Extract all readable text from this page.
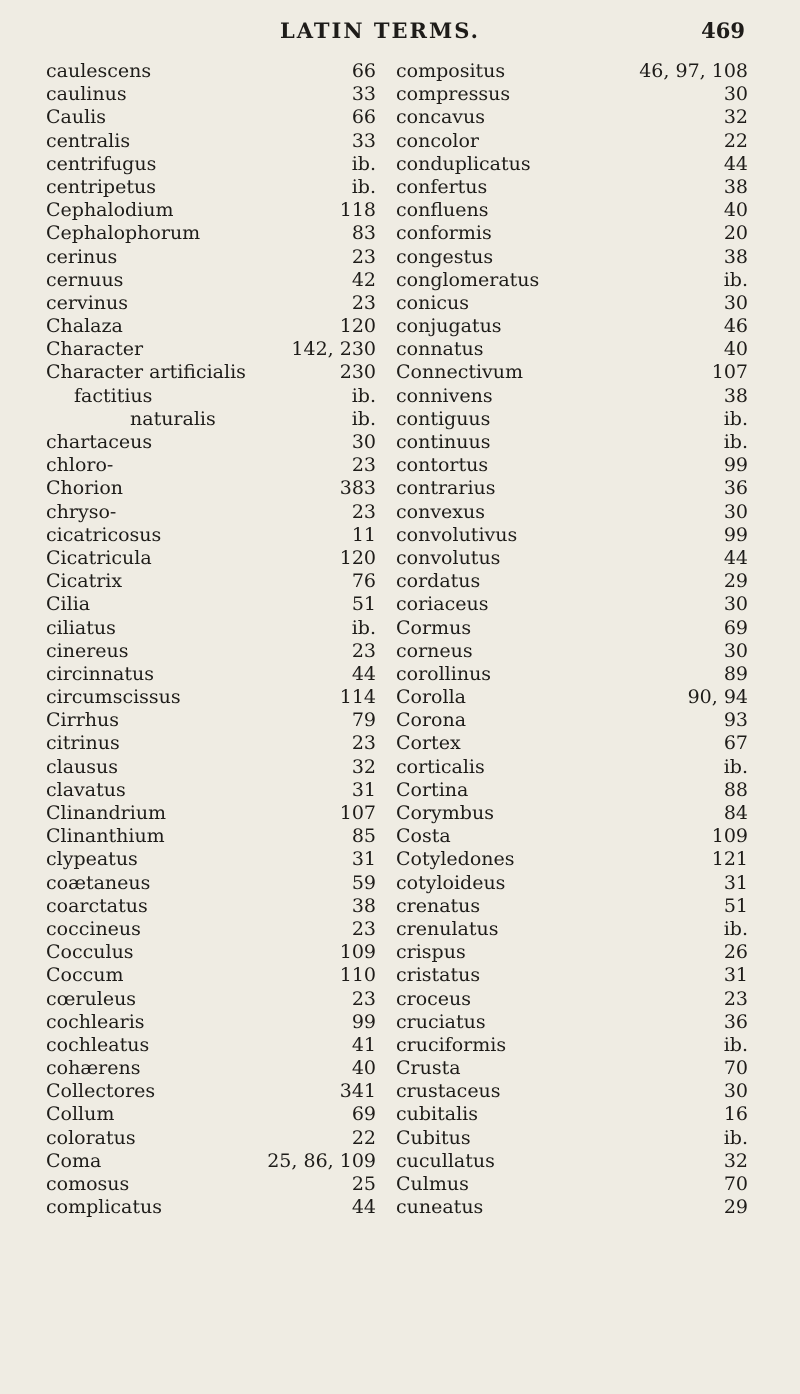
LATIN TERMS.	469
caulescens	66
caulinus	33
Caulis	66
centralis	33
centrifugus	ib.
centripetus	ib.
Cephalodium	118
Cephalophorum	83
cerinus	23
cernuus	42
cervinus	23
Chalaza	120
Character	142, 230
Character artificialis	230
factitius	ib.
naturalis	ib.
chartaceus	30
chloro-	23
Chorion	383
chryso-	23
cicatricosus	11
Cicatricula	120
Cicatrix	76
Cilia	51
ciliatus	ib.
cinereus	23
circinnatus	44
circumscissus	114
Cirrhus	79
citrinus	23
clausus	32
clavatus	31
Clinandrium	107
Clinanthium	85
clypeatus	31
coætaneus	59
coarctatus	38
coccineus	23
Cocculus	109
Coccum	110
cœruleus	23
cochlearis	99
cochleatus	41
cohærens	40
Collectores	341
Collum	69
coloratus	22
Coma	25, 86, 109
comosus	25
complicatus	44
compositus	46, 97, 108
compressus	30
concavus	32
concolor	22
conduplicatus	44
confertus	38
confluens	40
conformis	20
congestus	38
conglomeratus	ib.
conicus	30
conjugatus	46
connatus	40
Connectivum	107
connivens	38
contiguus	ib.
continuus	ib.
contortus	99
contrarius	36
convexus	30
convolutivus	99
convolutus	44
cordatus	29
coriaceus	30
Cormus	69
corneus	30
corollinus	89
Corolla	90, 94
Corona	93
Cortex	67
corticalis	ib.
Cortina	88
Corymbus	84
Costa	109
Cotyledones	121
cotyloideus	31
crenatus	51
crenulatus	ib.
crispus	26
cristatus	31
croceus	23
cruciatus	36
cruciformis	ib.
Crusta	70
crustaceus	30
cubitalis	16
Cubitus	ib.
cucullatus	32
Culmus	70
cuneatus	29
